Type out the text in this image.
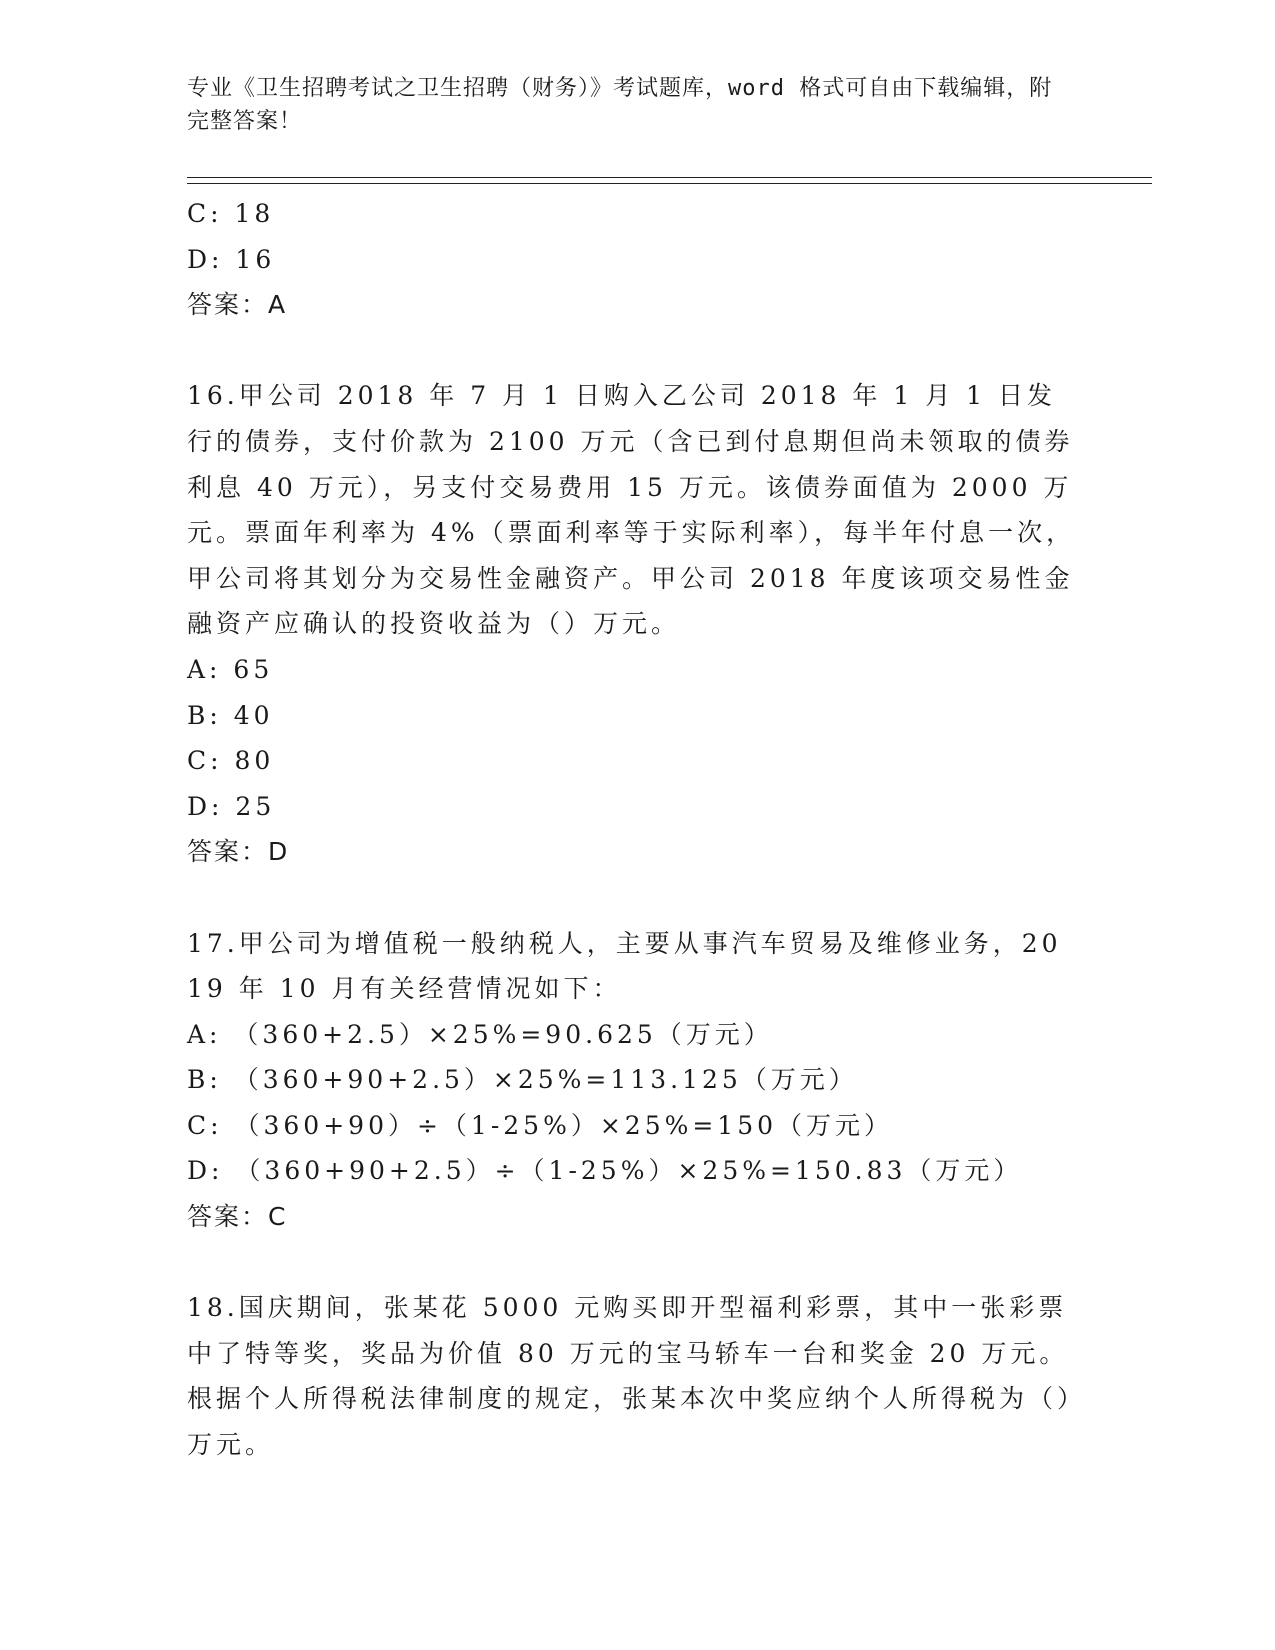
专业《卫生招聘考试之卫生招聘（财务）》考试题库，word 格式可自由下载编辑，附完整答案！
C: 18
D: 16
答案：A
16.甲公司 2018 年 7 月 1 日购入乙公司 2018 年 1 月 1 日发行的债券，支付价款为 2100 万元（含已到付息期但尚未领取的债券利息 40 万元），另支付交易费用 15 万元。该债券面值为 2000 万元。票面年利率为 4%（票面利率等于实际利率），每半年付息一次，甲公司将其划分为交易性金融资产。甲公司 2018 年度该项交易性金融资产应确认的投资收益为（）万元。
A: 65
B: 40
C: 80
D: 25
答案：D
17.甲公司为增值税一般纳税人，主要从事汽车贸易及维修业务，2019 年 10 月有关经营情况如下：
A: （360+2.5）×25%=90.625（万元）
B: （360+90+2.5）×25%=113.125（万元）
C: （360+90）÷（1-25%）×25%=150（万元）
D: （360+90+2.5）÷（1-25%）×25%=150.83（万元）
答案：C
18.国庆期间，张某花 5000 元购买即开型福利彩票，其中一张彩票中了特等奖，奖品为价值 80 万元的宝马轿车一台和奖金 20 万元。根据个人所得税法律制度的规定，张某本次中奖应纳个人所得税为（）万元。
